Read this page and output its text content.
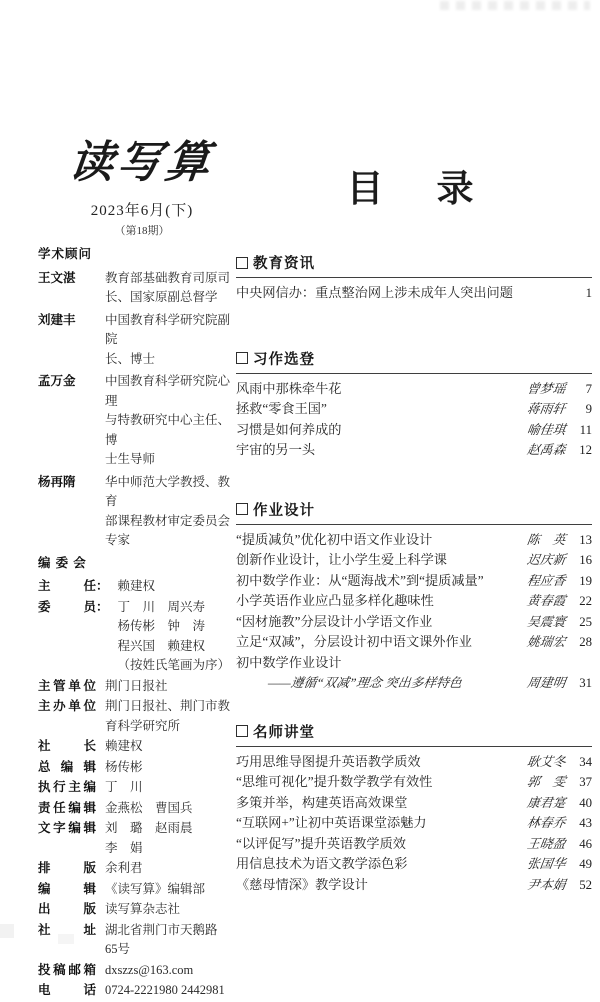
读写算
2023年6月(下)
（第18期）
目　录
学术顾问
王文湛	教育部基础教育司原司
长、国家原副总督学
刘建丰	中国教育科学研究院副院
长、博士
孟万金	中国教育科学研究院心理
与特教研究中心主任、博
士生导师
杨再隋	华中师范大学教授、教育
部课程教材审定委员会
专家
编 委 会
主任 ： 赖建权
委员 ： 丁　川　周兴寿
杨传彬　钟　涛
程兴国　赖建权
（按姓氏笔画为序）
主管单位 荆门日报社
主办单位 荆门日报社、荆门市教
育科学研究所
社长 赖建权
总编辑 杨传彬
执行主编 丁　川
责任编辑 金燕松　曹国兵
文字编辑 刘　璐　赵雨晨
李　娟
排版 余利君
编辑 《读写算》编辑部
出版 读写算杂志社
社址 湖北省荆门市天鹅路
65号
投稿邮箱 dxszzs@163.com
电话 0724-2221980 2442981
教育资讯
中央网信办：重点整治网上涉未成年人突出问题	1
习作选登
风雨中那株牵牛花	曾梦瑶	7
拯救“零食王国”	蒋雨轩	9
习惯是如何养成的	喻佳琪	11
宇宙的另一头	赵禹森	12
作业设计
“提质减负”优化初中语文作业设计	陈　英	13
创新作业设计，让小学生爱上科学课	迟庆新	16
初中数学作业：从“题海战术”到“提质减量”	程应香	19
小学英语作业应凸显多样化趣味性	黄春霞	22
“因材施教”分层设计小学语文作业	吴震寰	25
立足“双减”，分层设计初中语文课外作业	姚瑞宏	28
初中数学作业设计
——遵循“双减”理念 突出多样特色	周建明	31
名师讲堂
巧用思维导图提升英语教学质效	耿艾冬	34
“思维可视化”提升数学教学有效性	郭　雯	37
多策并举，构建英语高效课堂	康君寔	40
“互联网+”让初中英语课堂添魅力	林春乔	43
“以评促写”提升英语教学质效	王晓盈	46
用信息技术为语文教学添色彩	张国华	49
《慈母情深》教学设计	尹本娟	52
